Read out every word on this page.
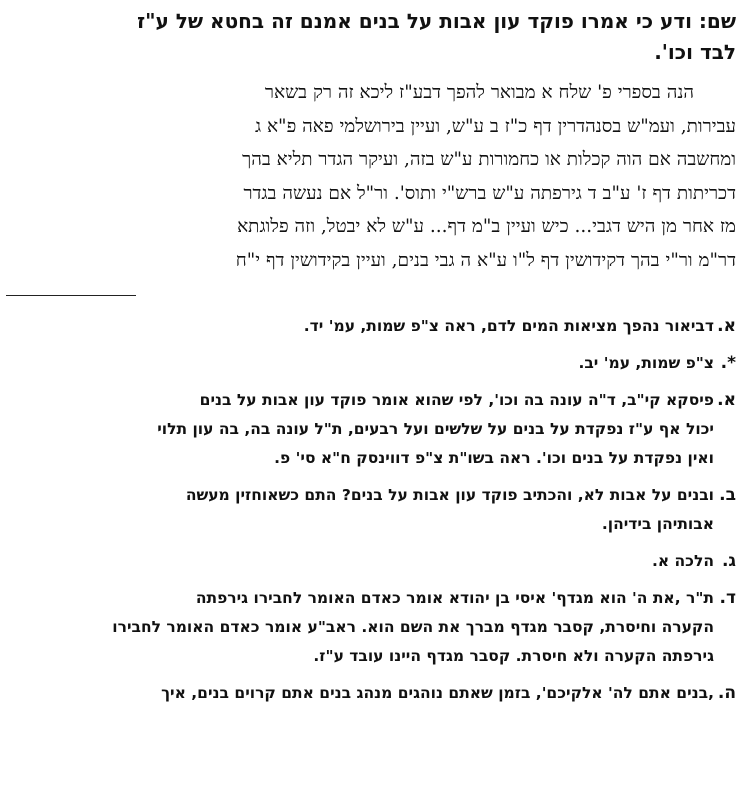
שם: ודע כי אמרו פוקד עון אבות על בנים אמנם זה בחטא של ע"ז

לבד וכו'.

הנה בספרי פ' שלח א מבואר להפך דבע"ז ליכא זה רק בשאר

עבירות, ועמ"ש בסנהדרין דף כ"ז ב ע"ש, ועיין בירושלמי פאה פ"א ג

ומחשבה אם הוה קכלות או כחמורות ע"ש בזה, ועיקר הגדר תליא בהך

דכריתות דף ז' ע"ב ד גירפתה ע"ש ברש"י ותוס'. ור"ל אם נעשה בגדר

מז אחר מן היש דגבי... כיש ועיין ב"מ דף... ע"ש לא יבטל, וזה פלוגתא

דר"מ ור"י בהך דקידושין דף ל"ו ע"א ה גבי בנים, ועיין בקידושין דף י"ח

א.

דביאור נהפך מציאות המים לדם, ראה צ"פ שמות, עמ' יד.

*.

צ"פ שמות, עמ' יב.

א.

פיסקא קי"ב, ד"ה עונה בה וכו', לפי שהוא אומר פוקד עון אבות על בנים

יכול אף ע"ז נפקדת על בנים על שלשים ועל רבעים, ת"ל עונה בה, בה עון תלוי

ואין נפקדת על בנים וכו'. ראה בשו"ת צ"פ דווינסק ח"א סי' פ.

ב.

ובנים על אבות לא, והכתיב פוקד עון אבות על בנים? התם כשאוחזין מעשה

אבותיהן בידיהן.

ג.

הלכה א.

ד.

ת"ר ,את ה' הוא מגדף' איסי בן יהודא אומר כאדם האומר לחבירו גירפתה

הקערה וחיסרת, קסבר מגדף מברך את השם הוא. ראב"ע אומר כאדם האומר לחבירו

גירפתה הקערה ולא חיסרת. קסבר מגדף היינו עובד ע"ז.

ה.

,בנים אתם לה' אלקיכם', בזמן שאתם נוהגים מנהג בנים אתם קרוים בנים, איך
